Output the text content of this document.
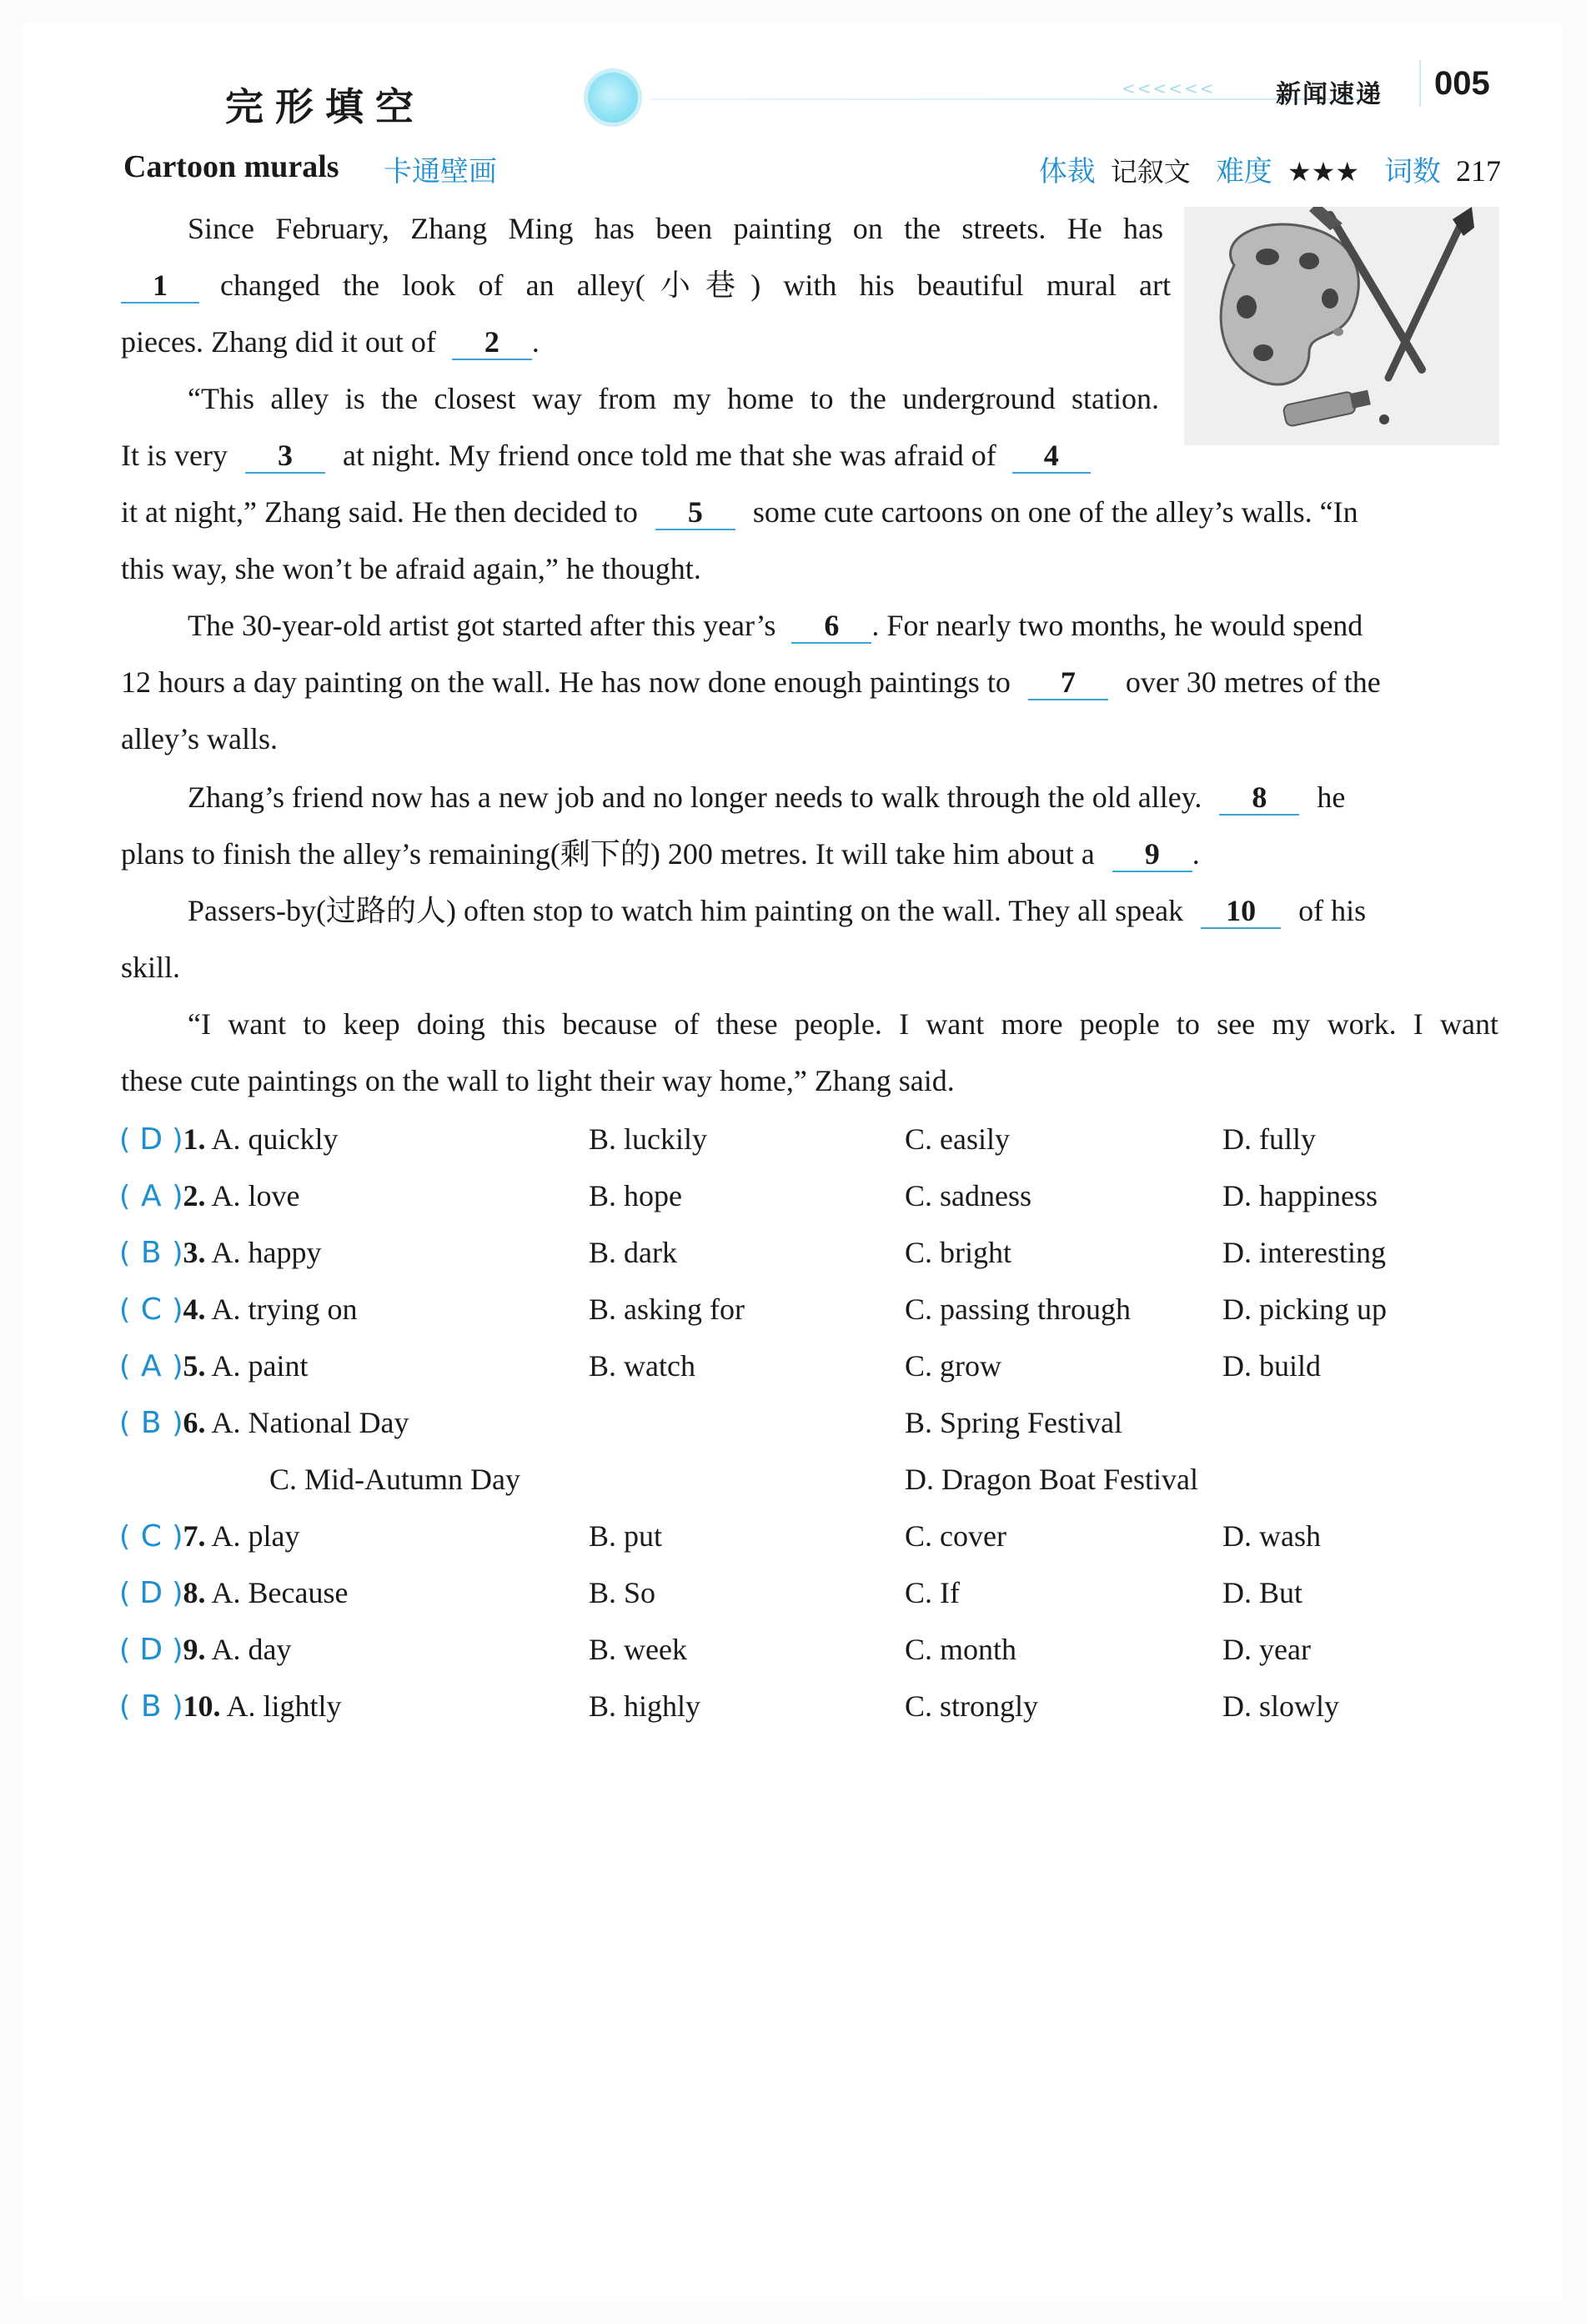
完形填空	<<<<<< 新闻速递 005
Cartoon murals 卡通壁画	体裁 记叙文 难度 ★★★ 词数 217
Since February, Zhang Ming has been painting on the streets. He has
1 changed the look of an alley(小巷) with his beautiful mural art
pieces. Zhang did it out of 2 .
“This alley is the closest way from my home to the underground station.
It is very 3 at night. My friend once told me that she was afraid of 4
it at night,” Zhang said. He then decided to 5 some cute cartoons on one of the alley’s walls. “In
this way, she won’t be afraid again,” he thought.
The 30-year-old artist got started after this year’s 6 . For nearly two months, he would spend
12 hours a day painting on the wall. He has now done enough paintings to 7 over 30 metres of the
alley’s walls.
Zhang’s friend now has a new job and no longer needs to walk through the old alley. 8 he
plans to finish the alley’s remaining(剩下的) 200 metres. It will take him about a 9 .
Passers-by(过路的人) often stop to watch him painting on the wall. They all speak 10 of his
skill.
“I want to keep doing this because of these people. I want more people to see my work. I want
these cute paintings on the wall to light their way home,” Zhang said.
( D )1. A. quickly	B. luckily	C. easily	D. fully
( A )2. A. love	B. hope	C. sadness	D. happiness
( B )3. A. happy	B. dark	C. bright	D. interesting
( C )4. A. trying on	B. asking for	C. passing through	D. picking up
( A )5. A. paint	B. watch	C. grow	D. build
( B )6. A. National Day	B. Spring Festival
C. Mid-Autumn Day	D. Dragon Boat Festival
( C )7. A. play	B. put	C. cover	D. wash
( D )8. A. Because	B. So	C. If	D. But
( D )9. A. day	B. week	C. month	D. year
( B )10. A. lightly	B. highly	C. strongly	D. slowly
